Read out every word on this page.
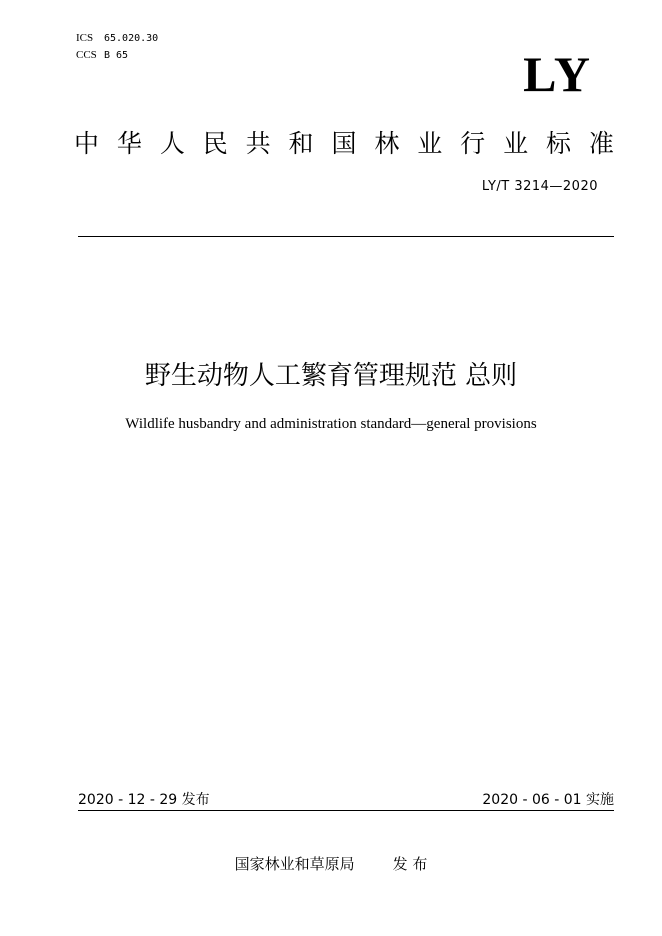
ICS 65.020.30
CCS B 65	LY
中 华 人 民 共 和 国 林 业 行 业 标 准
LY/T 3214—2020
野生动物人工繁育管理规范 总则
Wildlife husbandry and administration standard—general provisions
2020 - 12 - 29 发布	2020 - 06 - 01 实施
国家林业和草原局	发 布
